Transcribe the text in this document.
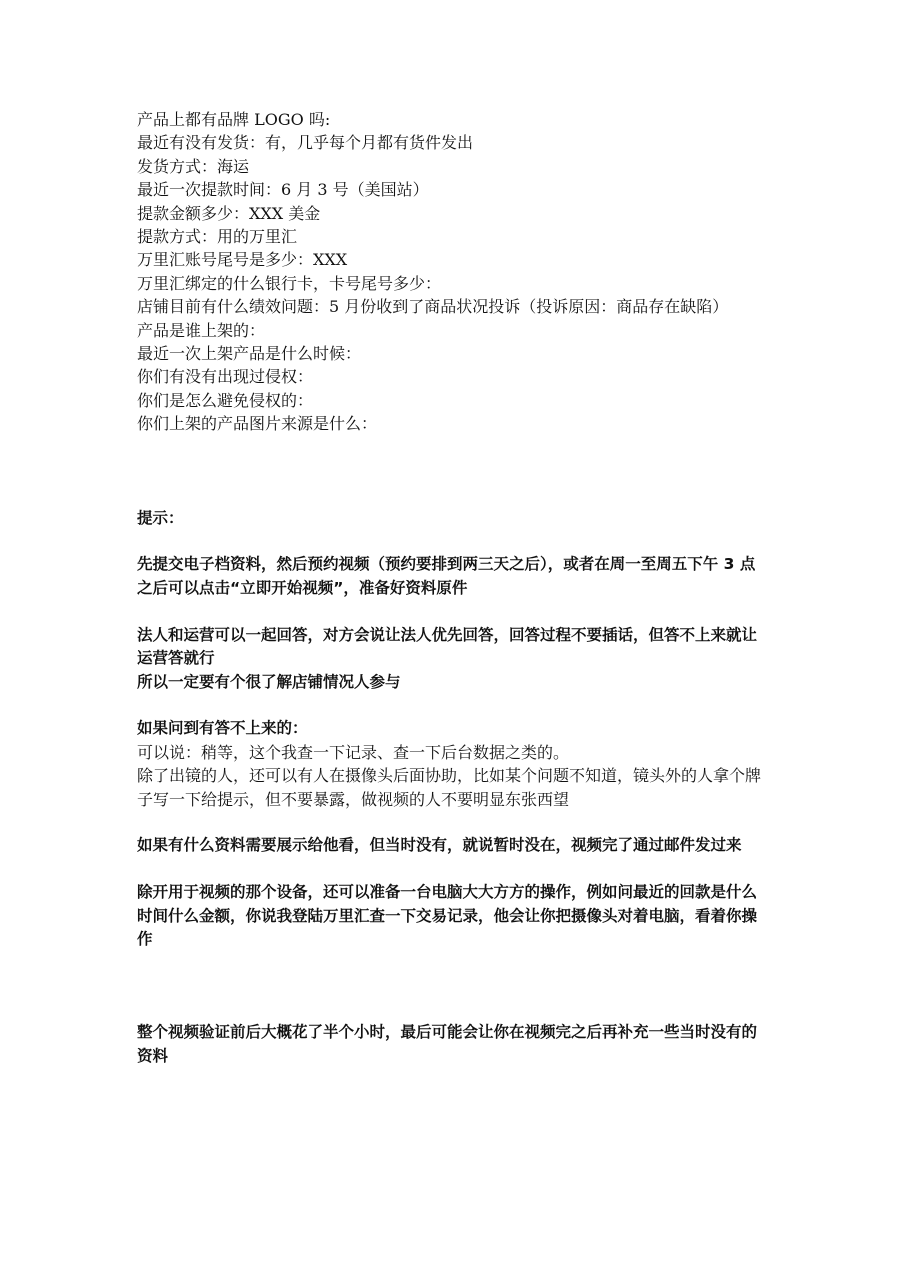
产品上都有品牌 LOGO 吗:

最近有没有发货：有，几乎每个月都有货件发出

发货方式：海运

最近一次提款时间：6 月 3 号（美国站）

提款金额多少：XXX 美金

提款方式：用的万里汇

万里汇账号尾号是多少：XXX

万里汇绑定的什么银行卡，卡号尾号多少：

店铺目前有什么绩效问题：5 月份收到了商品状况投诉（投诉原因：商品存在缺陷）

产品是谁上架的：

最近一次上架产品是什么时候：

你们有没有出现过侵权：

你们是怎么避免侵权的：

你们上架的产品图片来源是什么：

提示：

先提交电子档资料，然后预约视频（预约要排到两三天之后），或者在周一至周五下午 3 点之后可以点击“立即开始视频”，准备好资料原件

法人和运营可以一起回答，对方会说让法人优先回答，回答过程不要插话，但答不上来就让运营答就行

所以一定要有个很了解店铺情况人参与

如果问到有答不上来的：

可以说：稍等，这个我查一下记录、查一下后台数据之类的。

除了出镜的人，还可以有人在摄像头后面协助，比如某个问题不知道，镜头外的人拿个牌子写一下给提示，但不要暴露，做视频的人不要明显东张西望

如果有什么资料需要展示给他看，但当时没有，就说暂时没在，视频完了通过邮件发过来

除开用于视频的那个设备，还可以准备一台电脑大大方方的操作，例如问最近的回款是什么时间什么金额，你说我登陆万里汇查一下交易记录，他会让你把摄像头对着电脑，看着你操作

整个视频验证前后大概花了半个小时，最后可能会让你在视频完之后再补充一些当时没有的资料
